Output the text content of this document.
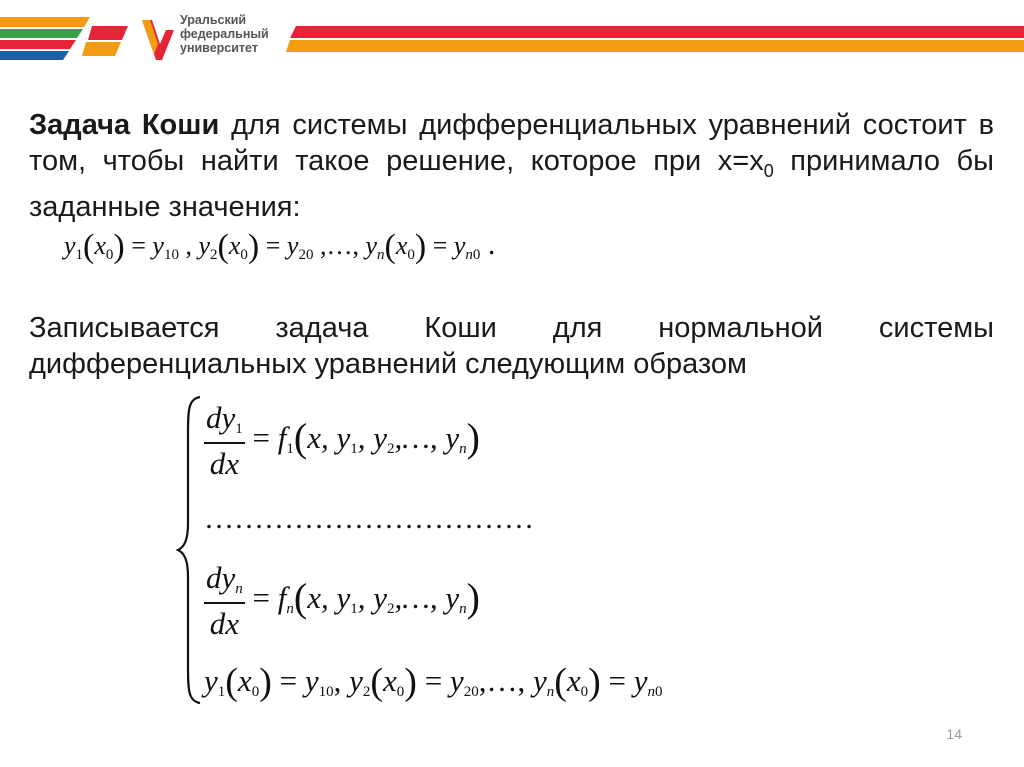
Уральский
федеральный
университет
Задача Коши для системы дифференциальных уравнений состоит в том, чтобы найти такое решение, которое при $x=x_0$ принимало бы заданные значения:
$y_1(x_0) = y_{10}$ , $y_2(x_0) = y_{20}$ ,…, $y_n(x_0) = y_{n0}$ .
Записывается задача Коши для нормальной системы дифференциальных уравнений следующим образом
$\frac{dy_1}{dx} = f_1(x$, $y_1$, $y_2,\dots$, $y_n$)
……………………………
$\frac{dy_n}{dx} = f_n(x$, $y_1$, $y_2,\dots$, $y_n$)
$y_1(x_0) = y_{10}$, $y_2(x_0)$ = $y_{20},\dots$, $y_n(x_0) = y_{n0}$
14
